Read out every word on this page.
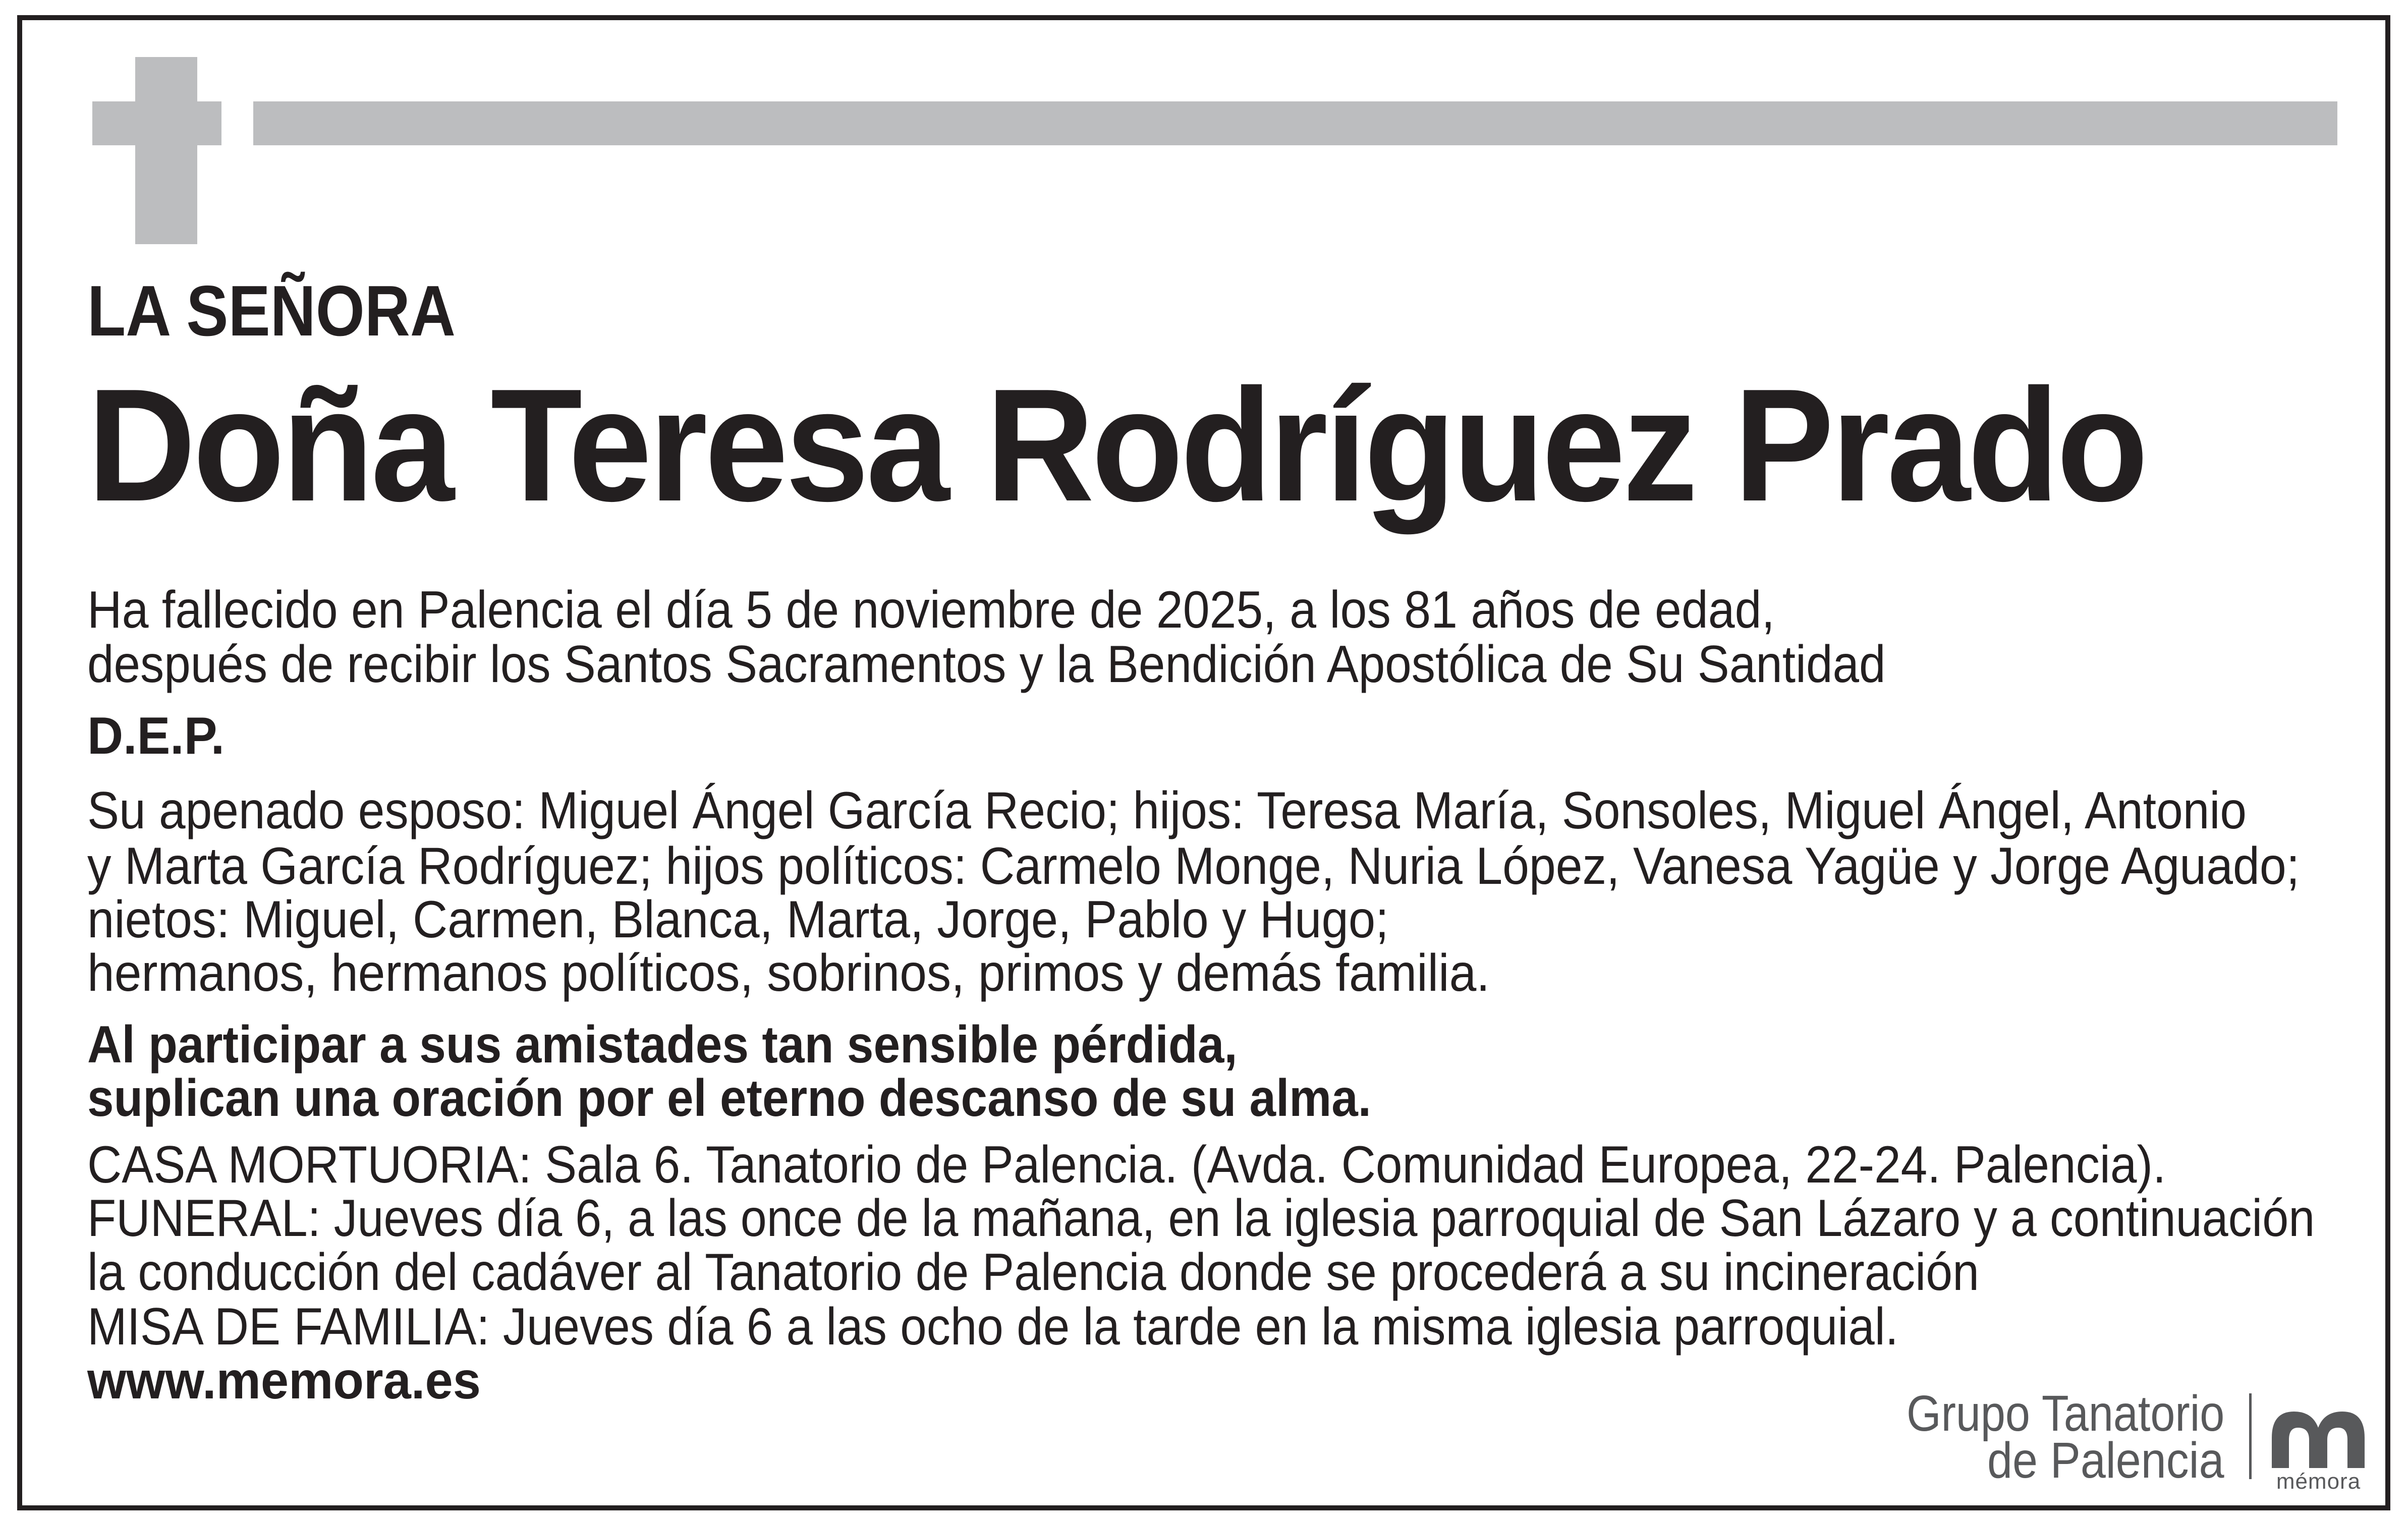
LA SEÑORA
Doña Teresa Rodríguez Prado
Ha fallecido en Palencia el día 5 de noviembre de 2025, a los 81 años de edad,
después de recibir los Santos Sacramentos y la Bendición Apostólica de Su Santidad
D.E.P.
Su apenado esposo: Miguel Ángel García Recio; hijos: Teresa María, Sonsoles, Miguel Ángel, Antonio
y Marta García Rodríguez; hijos políticos: Carmelo Monge, Nuria López, Vanesa Yagüe y Jorge Aguado;
nietos: Miguel, Carmen, Blanca, Marta, Jorge, Pablo y Hugo;
hermanos, hermanos políticos, sobrinos, primos y demás familia.
Al participar a sus amistades tan sensible pérdida,
suplican una oración por el eterno descanso de su alma.
CASA MORTUORIA: Sala 6. Tanatorio de Palencia. (Avda. Comunidad Europea, 22-24. Palencia).
FUNERAL: Jueves día 6, a las once de la mañana, en la iglesia parroquial de San Lázaro y a continuación
la conducción del cadáver al Tanatorio de Palencia donde se procederá a su incineración
MISA DE FAMILIA: Jueves día 6 a las ocho de la tarde en la misma iglesia parroquial.
www.memora.es
Grupo Tanatorio
de Palencia	mémora
